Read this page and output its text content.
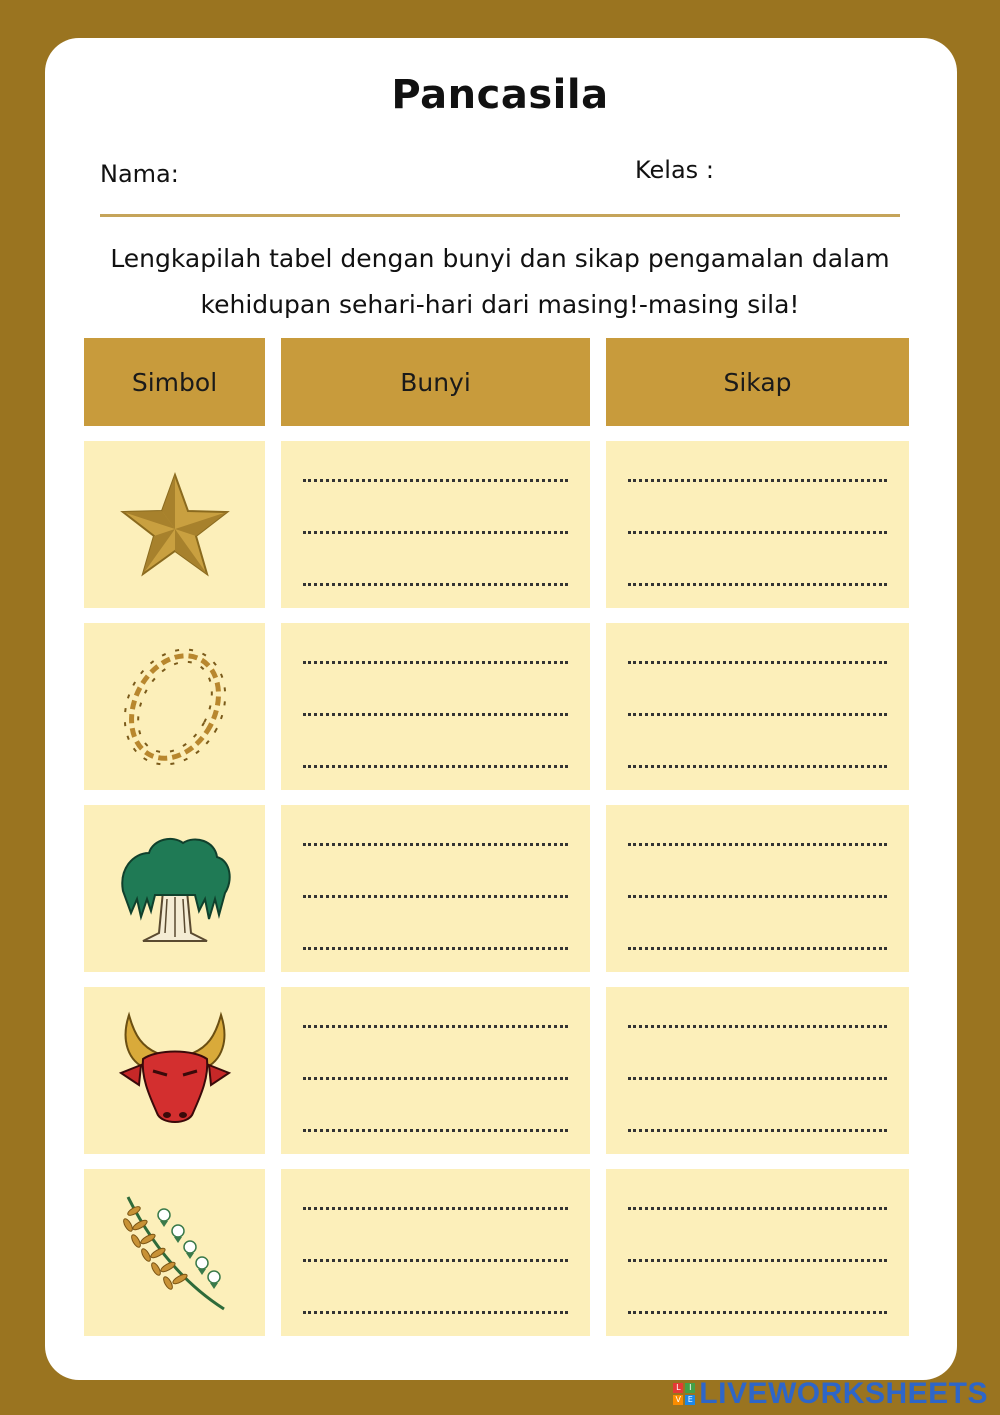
Pancasila
Nama:	Kelas :
Lengkapilah tabel dengan bunyi dan sikap pengamalan dalam
kehidupan sehari-hari dari masing!-masing sila!
Simbol	Bunyi	Sikap
L	I
V E LIVEWORKSHEETS
